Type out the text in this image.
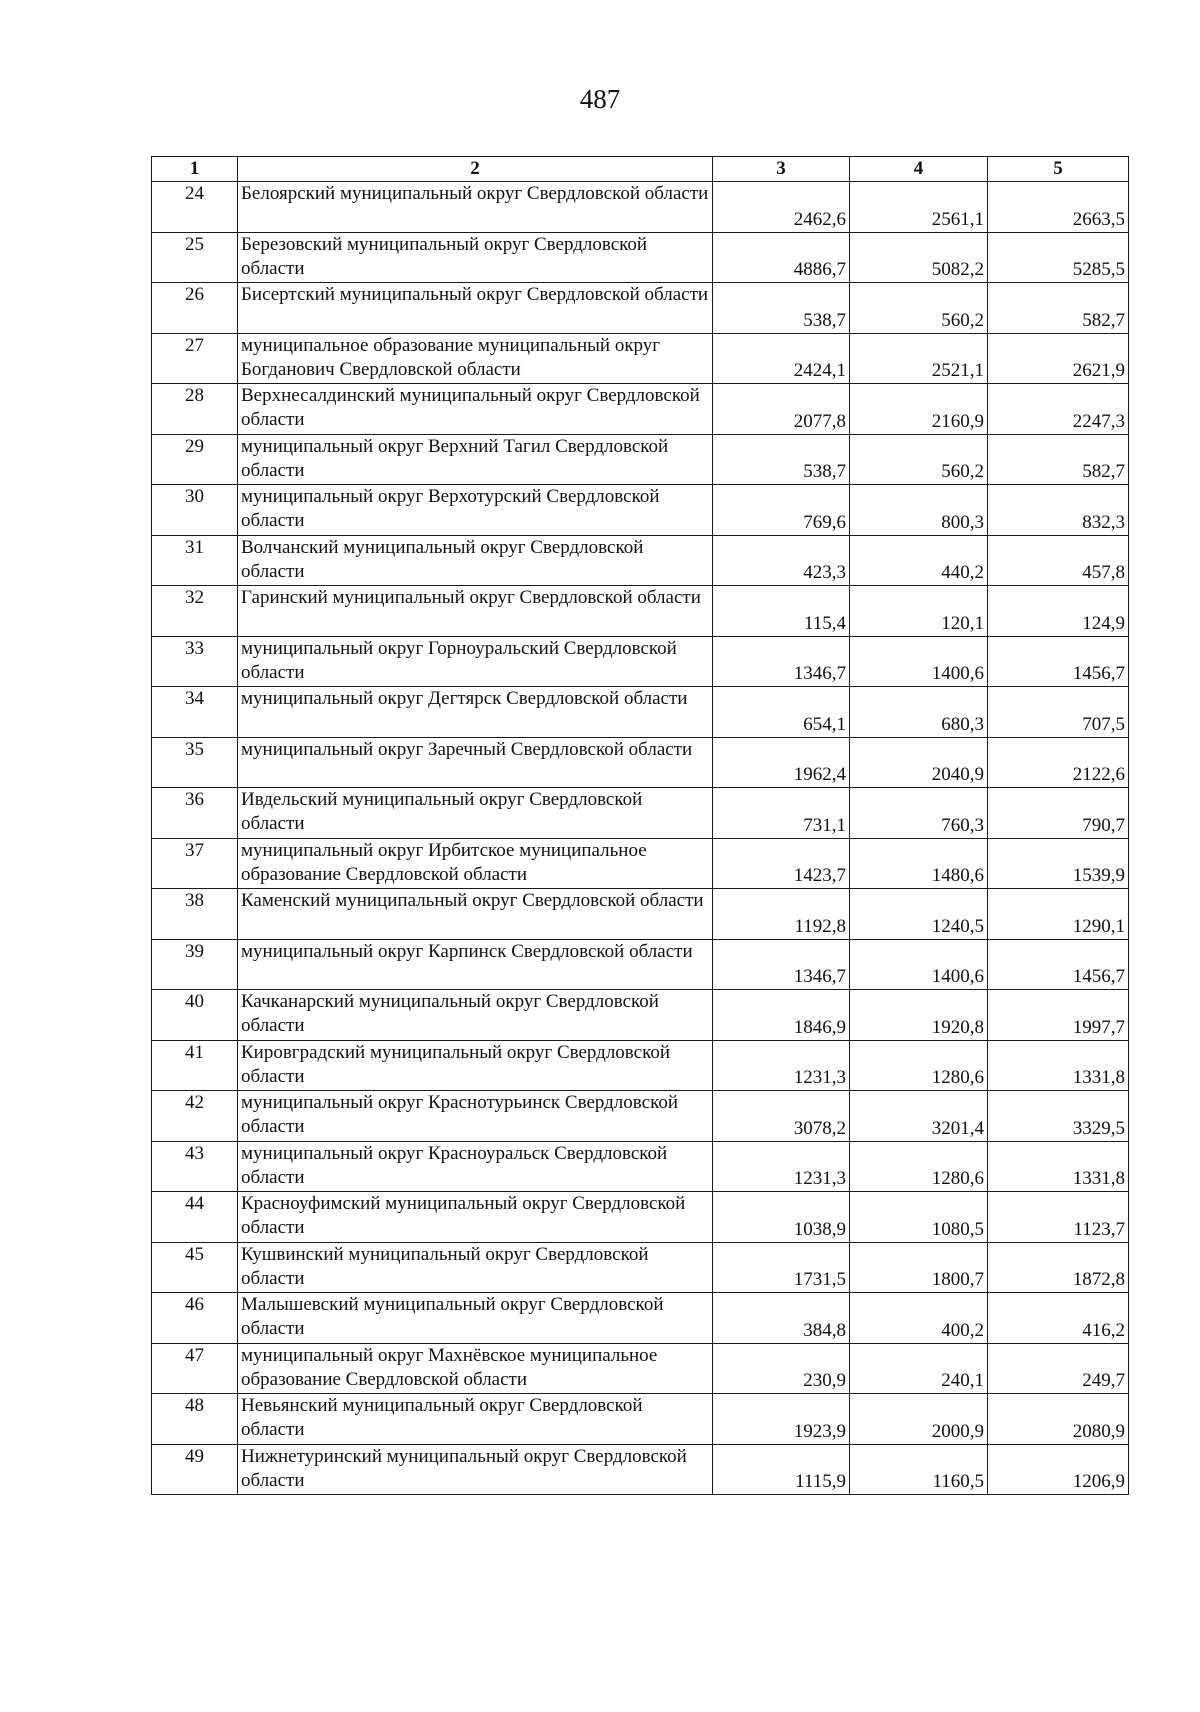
487
1	2	3	4	5
24	Белоярский муниципальный округ Свердловской области	2462,6	2561,1	2663,5
25	Березовский муниципальный округ Свердловской области	4886,7	5082,2	5285,5
26	Бисертский муниципальный округ Свердловской области	538,7	560,2	582,7
27	муниципальное образование муниципальный округ Богданович Свердловской области	2424,1	2521,1	2621,9
28	Верхнесалдинский муниципальный округ Свердловской области	2077,8	2160,9	2247,3
29	муниципальный округ Верхний Тагил Свердловской области	538,7	560,2	582,7
30	муниципальный округ Верхотурский Свердловской области	769,6	800,3	832,3
31	Волчанский муниципальный округ Свердловской области	423,3	440,2	457,8
32	Гаринский муниципальный округ Свердловской области	115,4	120,1	124,9
33	муниципальный округ Горноуральский Свердловской области	1346,7	1400,6	1456,7
34	муниципальный округ Дегтярск Свердловской области	654,1	680,3	707,5
35	муниципальный округ Заречный Свердловской области	1962,4	2040,9	2122,6
36	Ивдельский муниципальный округ Свердловской области	731,1	760,3	790,7
37	муниципальный округ Ирбитское муниципальное образование Свердловской области	1423,7	1480,6	1539,9
38	Каменский муниципальный округ Свердловской области	1192,8	1240,5	1290,1
39	муниципальный округ Карпинск Свердловской области	1346,7	1400,6	1456,7
40	Качканарский муниципальный округ Свердловской области	1846,9	1920,8	1997,7
41	Кировградский муниципальный округ Свердловской области	1231,3	1280,6	1331,8
42	муниципальный округ Краснотурьинск Свердловской области	3078,2	3201,4	3329,5
43	муниципальный округ Красноуральск Свердловской области	1231,3	1280,6	1331,8
44	Красноуфимский муниципальный округ Свердловской области	1038,9	1080,5	1123,7
45	Кушвинский муниципальный округ Свердловской области	1731,5	1800,7	1872,8
46	Малышевский муниципальный округ Свердловской области	384,8	400,2	416,2
47	муниципальный округ Махнёвское муниципальное образование Свердловской области	230,9	240,1	249,7
48	Невьянский муниципальный округ Свердловской области	1923,9	2000,9	2080,9
49	Нижнетуринский муниципальный округ Свердловской области	1115,9	1160,5	1206,9
